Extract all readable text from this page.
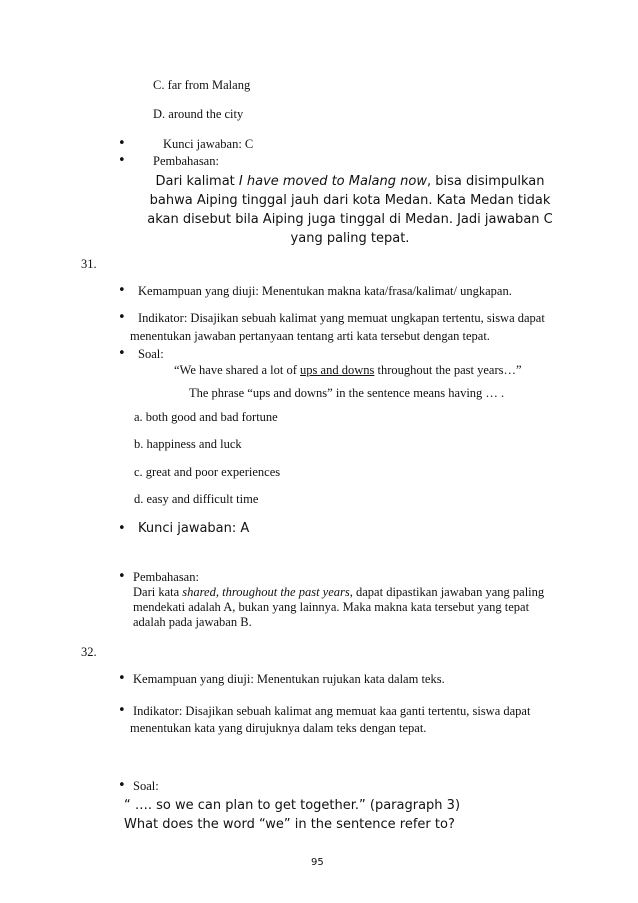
C. far from Malang
D. around the city
•	Kunci jawaban: C
• Pembahasan:
Dari kalimat I have moved to Malang now, bisa disimpulkan
bahwa Aiping tinggal jauh dari kota Medan. Kata Medan tidak
akan disebut bila Aiping juga tinggal di Medan. Jadi jawaban C
yang paling tepat.
31.
• Kemampuan yang diuji: Menentukan makna kata/frasa/kalimat/ ungkapan.
• Indikator: Disajikan sebuah kalimat yang memuat ungkapan tertentu, siswa dapat
menentukan jawaban pertanyaan tentang arti kata tersebut dengan tepat.
• Soal:
“We have shared a lot of ups and downs throughout the past years…”
The phrase “ups and downs” in the sentence means having … .
a. both good and bad fortune
b. happiness and luck
c. great and poor experiences
d. easy and difficult time
• Kunci jawaban: A
• Pembahasan:
Dari kata shared, throughout the past years, dapat dipastikan jawaban yang paling
mendekati adalah A, bukan yang lainnya. Maka makna kata tersebut yang tepat
adalah pada jawaban B.
32.
• Kemampuan yang diuji: Menentukan rujukan kata dalam teks.
• Indikator: Disajikan sebuah kalimat ang memuat kaa ganti tertentu, siswa dapat
menentukan kata yang dirujuknya dalam teks dengan tepat.
• Soal:
“ …. so we can plan to get together.” (paragraph 3)
What does the word “we” in the sentence refer to?
95
